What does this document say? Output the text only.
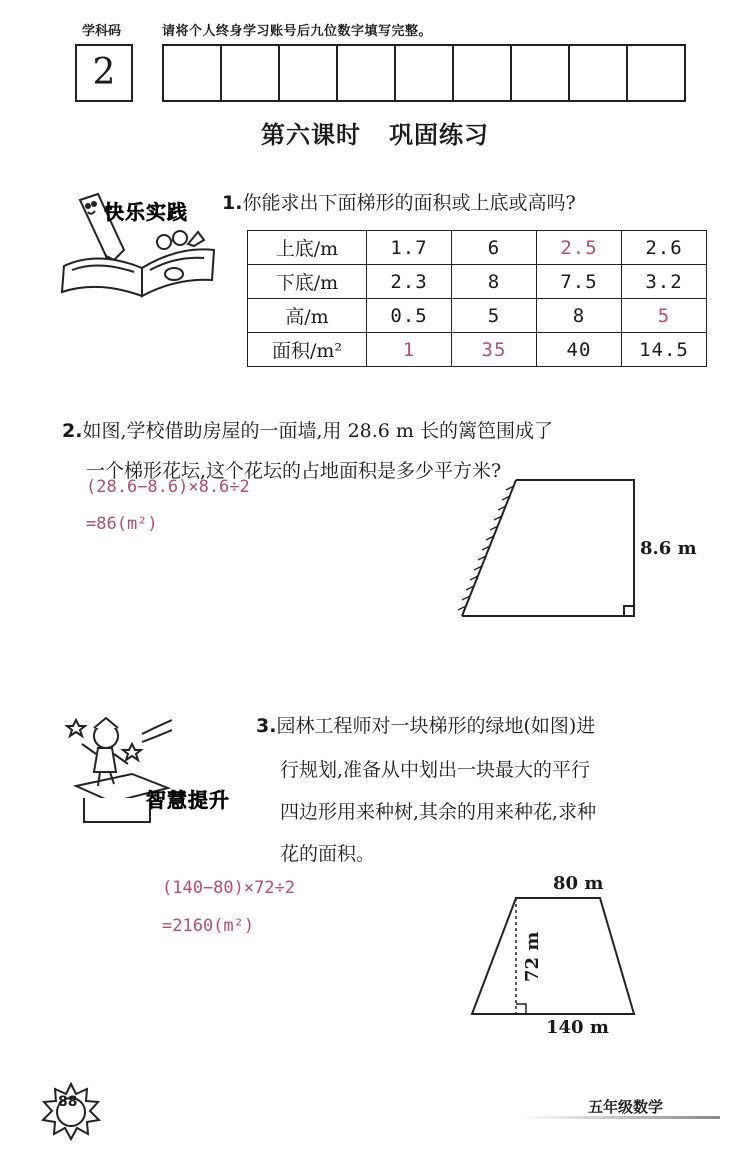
学科码	请将个人终身学习账号后九位数字填写完整。
2
第六课时 巩固练习
快乐实践 1.你能求出下面梯形的面积或上底或高吗?
上底/m	1.7	6	2.5	2.6
下底/m	2.3	8	7.5	3.2
高/m	0.5	5	8	5
面积/m²	1	35	40	14.5
2.如图,学校借助房屋的一面墙,用 28.6 m 长的篱笆围成了
一个梯形花坛,这个花坛的占地面积是多少平方米?
(28.6−8.6)×8.6÷2
=86(m²)
8.6 m
智慧提升
3.园林工程师对一块梯形的绿地(如图)进
行规划,准备从中划出一块最大的平行
四边形用来种树,其余的用来种花,求种
花的面积。
(140−80)×72÷2
=2160(m²)
80 m
72 m
140 m
88	五年级数学
